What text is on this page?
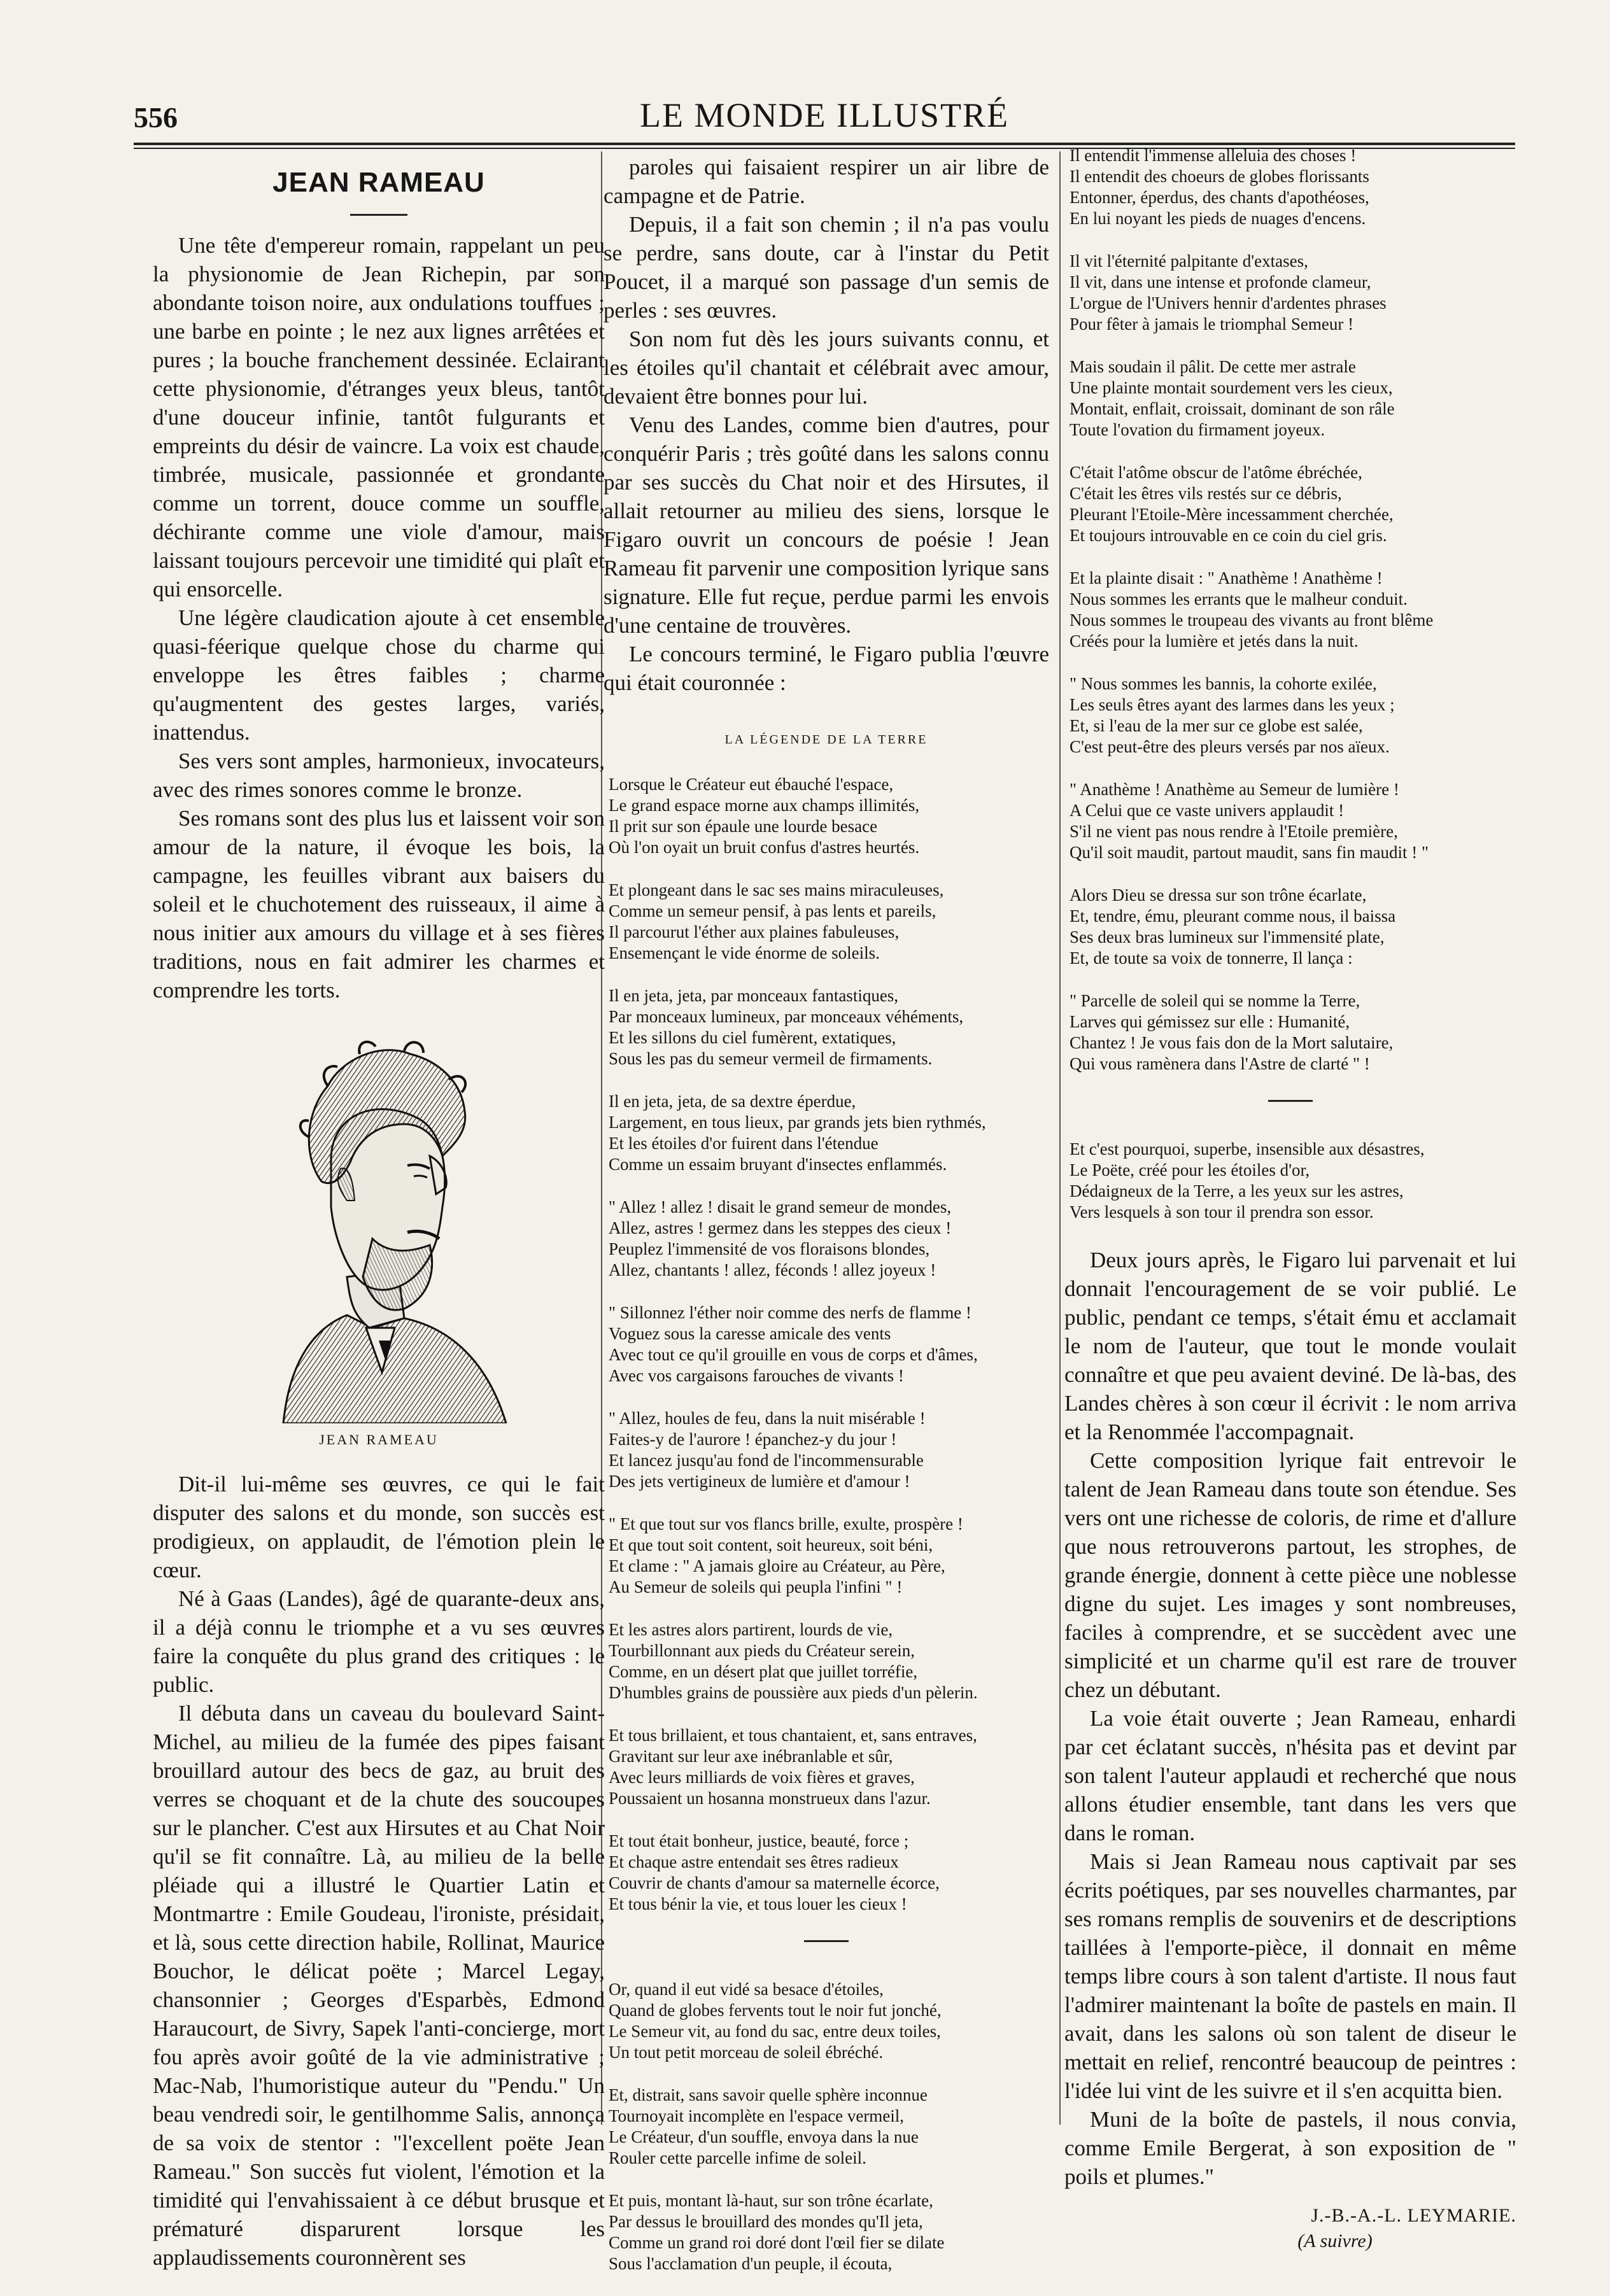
556	LE MONDE ILLUSTRÉ
JEAN RAMEAU

Une tête d'empereur romain, rappelant un peu la physionomie de Jean Richepin, par son abondante toison noire, aux ondulations touffues ; une barbe en pointe ; le nez aux lignes arrêtées et pures ; la bouche franchement dessinée. Eclairant cette physionomie, d'étranges yeux bleus, tantôt d'une douceur infinie, tantôt fulgurants et empreints du désir de vaincre. La voix est chaude, timbrée, musicale, passionnée et grondante comme un torrent, douce comme un souffle, déchirante comme une viole d'amour, mais laissant toujours percevoir une timidité qui plaît et qui ensorcelle.

Une légère claudication ajoute à cet ensemble quasi-féerique quelque chose du charme qui enveloppe les êtres faibles ; charme qu'augmentent des gestes larges, variés, inattendus.

Ses vers sont amples, harmonieux, invocateurs, avec des rimes sonores comme le bronze.

Ses romans sont des plus lus et laissent voir son amour de la nature, il évoque les bois, la campagne, les feuilles vibrant aux baisers du soleil et le chuchotement des ruisseaux, il aime à nous initier aux amours du village et à ses fières traditions, nous en fait admirer les charmes et comprendre les torts.

JEAN RAMEAU

Dit-il lui-même ses œuvres, ce qui le fait disputer des salons et du monde, son succès est prodigieux, on applaudit, de l'émotion plein le cœur.

Né à Gaas (Landes), âgé de quarante-deux ans, il a déjà connu le triomphe et a vu ses œuvres faire la conquête du plus grand des critiques : le public.

Il débuta dans un caveau du boulevard Saint-Michel, au milieu de la fumée des pipes faisant brouillard autour des becs de gaz, au bruit des verres se choquant et de la chute des soucoupes sur le plancher. C'est aux Hirsutes et au Chat Noir qu'il se fit connaître. Là, au milieu de la belle pléiade qui a illustré le Quartier Latin et Montmartre : Emile Goudeau, l'ironiste, présidait, et là, sous cette direction habile, Rollinat, Maurice Bouchor, le délicat poëte ; Marcel Legay, chansonnier ; Georges d'Esparbès, Edmond Haraucourt, de Sivry, Sapek l'anti-concierge, mort fou après avoir goûté de la vie administrative ; Mac-Nab, l'humoristique auteur du "Pendu." Un beau vendredi soir, le gentilhomme Salis, annonça de sa voix de stentor : "l'excellent poëte Jean Rameau." Son succès fut violent, l'émotion et la timidité qui l'envahissaient à ce début brusque et prématuré disparurent lorsque les applaudissements couronnèrent ses

paroles qui faisaient respirer un air libre de campagne et de Patrie.

Depuis, il a fait son chemin ; il n'a pas voulu se perdre, sans doute, car à l'instar du Petit Poucet, il a marqué son passage d'un semis de perles : ses œuvres.

Son nom fut dès les jours suivants connu, et les étoiles qu'il chantait et célébrait avec amour, devaient être bonnes pour lui.

Venu des Landes, comme bien d'autres, pour conquérir Paris ; très goûté dans les salons connu par ses succès du Chat noir et des Hirsutes, il allait retourner au milieu des siens, lorsque le Figaro ouvrit un concours de poésie ! Jean Rameau fit parvenir une composition lyrique sans signature. Elle fut reçue, perdue parmi les envois d'une centaine de trouvères.

Le concours terminé, le Figaro publia l'œuvre qui était couronnée :

LA LÉGENDE DE LA TERRE
Lorsque le Créateur eut ébauché l'espace,
Le grand espace morne aux champs illimités,
Il prit sur son épaule une lourde besace
Où l'on oyait un bruit confus d'astres heurtés.
Et plongeant dans le sac ses mains miraculeuses,
Comme un semeur pensif, à pas lents et pareils,
Il parcourut l'éther aux plaines fabuleuses,
Ensemençant le vide énorme de soleils.
Il en jeta, jeta, par monceaux fantastiques,
Par monceaux lumineux, par monceaux véhéments,
Et les sillons du ciel fumèrent, extatiques,
Sous les pas du semeur vermeil de firmaments.
Il en jeta, jeta, de sa dextre éperdue,
Largement, en tous lieux, par grands jets bien rythmés,
Et les étoiles d'or fuirent dans l'étendue
Comme un essaim bruyant d'insectes enflammés.
" Allez ! allez ! disait le grand semeur de mondes,
Allez, astres ! germez dans les steppes des cieux !
Peuplez l'immensité de vos floraisons blondes,
Allez, chantants ! allez, féconds ! allez joyeux !
" Sillonnez l'éther noir comme des nerfs de flamme !
Voguez sous la caresse amicale des vents
Avec tout ce qu'il grouille en vous de corps et d'âmes,
Avec vos cargaisons farouches de vivants !
" Allez, houles de feu, dans la nuit misérable !
Faites-y de l'aurore ! épanchez-y du jour !
Et lancez jusqu'au fond de l'incommensurable
Des jets vertigineux de lumière et d'amour !
" Et que tout sur vos flancs brille, exulte, prospère !
Et que tout soit content, soit heureux, soit béni,
Et clame : " A jamais gloire au Créateur, au Père,
Au Semeur de soleils qui peupla l'infini " !
Et les astres alors partirent, lourds de vie,
Tourbillonnant aux pieds du Créateur serein,
Comme, en un désert plat que juillet torréfie,
D'humbles grains de poussière aux pieds d'un pèlerin.
Et tous brillaient, et tous chantaient, et, sans entraves,
Gravitant sur leur axe inébranlable et sûr,
Avec leurs milliards de voix fières et graves,
Poussaient un hosanna monstrueux dans l'azur.
Et tout était bonheur, justice, beauté, force ;
Et chaque astre entendait ses êtres radieux
Couvrir de chants d'amour sa maternelle écorce,
Et tous bénir la vie, et tous louer les cieux !
Or, quand il eut vidé sa besace d'étoiles,
Quand de globes fervents tout le noir fut jonché,
Le Semeur vit, au fond du sac, entre deux toiles,
Un tout petit morceau de soleil ébréché.
Et, distrait, sans savoir quelle sphère inconnue
Tournoyait incomplète en l'espace vermeil,
Le Créateur, d'un souffle, envoya dans la nue
Rouler cette parcelle infime de soleil.
Et puis, montant là-haut, sur son trône écarlate,
Par dessus le brouillard des mondes qu'Il jeta,
Comme un grand roi doré dont l'œil fier se dilate
Sous l'acclamation d'un peuple, il écouta,
Il entendit l'immense alleluia des choses !
Il entendit des choeurs de globes florissants
Entonner, éperdus, des chants d'apothéoses,
En lui noyant les pieds de nuages d'encens.
Il vit l'éternité palpitante d'extases,
Il vit, dans une intense et profonde clameur,
L'orgue de l'Univers hennir d'ardentes phrases
Pour fêter à jamais le triomphal Semeur !
Mais soudain il pâlit. De cette mer astrale
Une plainte montait sourdement vers les cieux,
Montait, enflait, croissait, dominant de son râle
Toute l'ovation du firmament joyeux.
C'était l'atôme obscur de l'atôme ébréchée,
C'était les êtres vils restés sur ce débris,
Pleurant l'Etoile-Mère incessamment cherchée,
Et toujours introuvable en ce coin du ciel gris.
Et la plainte disait : " Anathème ! Anathème !
Nous sommes les errants que le malheur conduit.
Nous sommes le troupeau des vivants au front blême
Créés pour la lumière et jetés dans la nuit.
" Nous sommes les bannis, la cohorte exilée,
Les seuls êtres ayant des larmes dans les yeux ;
Et, si l'eau de la mer sur ce globe est salée,
C'est peut-être des pleurs versés par nos aïeux.
" Anathème ! Anathème au Semeur de lumière !
A Celui que ce vaste univers applaudit !
S'il ne vient pas nous rendre à l'Etoile première,
Qu'il soit maudit, partout maudit, sans fin maudit ! "
Alors Dieu se dressa sur son trône écarlate,
Et, tendre, ému, pleurant comme nous, il baissa
Ses deux bras lumineux sur l'immensité plate,
Et, de toute sa voix de tonnerre, Il lança :
" Parcelle de soleil qui se nomme la Terre,
Larves qui gémissez sur elle : Humanité,
Chantez ! Je vous fais don de la Mort salutaire,
Qui vous ramènera dans l'Astre de clarté " !
Et c'est pourquoi, superbe, insensible aux désastres,
Le Poëte, créé pour les étoiles d'or,
Dédaigneux de la Terre, a les yeux sur les astres,
Vers lesquels à son tour il prendra son essor.

Deux jours après, le Figaro lui parvenait et lui donnait l'encouragement de se voir publié. Le public, pendant ce temps, s'était ému et acclamait le nom de l'auteur, que tout le monde voulait connaître et que peu avaient deviné. De là-bas, des Landes chères à son cœur il écrivit : le nom arriva et la Renommée l'accompagnait.

Cette composition lyrique fait entrevoir le talent de Jean Rameau dans toute son étendue. Ses vers ont une richesse de coloris, de rime et d'allure que nous retrouverons partout, les strophes, de grande énergie, donnent à cette pièce une noblesse digne du sujet. Les images y sont nombreuses, faciles à comprendre, et se succèdent avec une simplicité et un charme qu'il est rare de trouver chez un débutant.

La voie était ouverte ; Jean Rameau, enhardi par cet éclatant succès, n'hésita pas et devint par son talent l'auteur applaudi et recherché que nous allons étudier ensemble, tant dans les vers que dans le roman.

Mais si Jean Rameau nous captivait par ses écrits poétiques, par ses nouvelles charmantes, par ses romans remplis de souvenirs et de descriptions taillées à l'emporte-pièce, il donnait en même temps libre cours à son talent d'artiste. Il nous faut l'admirer maintenant la boîte de pastels en main. Il avait, dans les salons où son talent de diseur le mettait en relief, rencontré beaucoup de peintres : l'idée lui vint de les suivre et il s'en acquitta bien.

Muni de la boîte de pastels, il nous convia, comme Emile Bergerat, à son exposition de " poils et plumes."

J.-B.-A.-L. LEYMARIE.
(A suivre)
